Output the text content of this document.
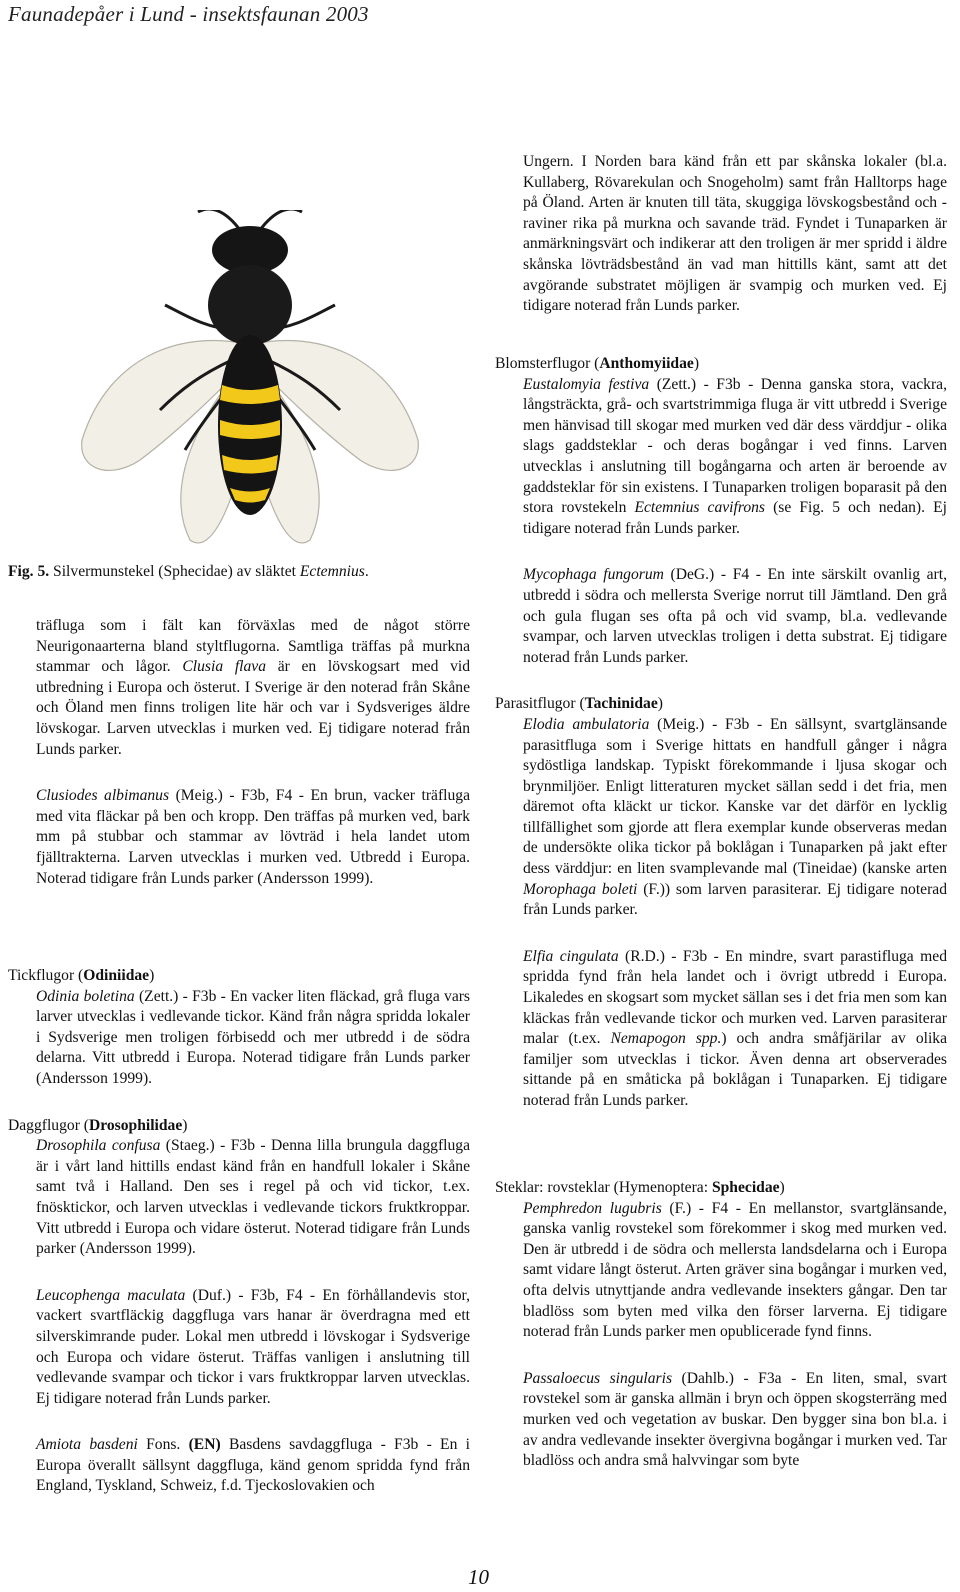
Faunadepåer i Lund - insektsfaunan 2003
Fig. 5. Silvermunstekel (Sphecidae) av släktet Ectemnius.

träfluga som i fält kan förväxlas med de något större Neurigonaarterna bland styltflugorna. Samtliga träffas på murkna stammar och lågor. Clusia flava är en lövskogsart med vid utbredning i Europa och österut. I Sverige är den noterad från Skåne och Öland men finns troligen lite här och var i Sydsveriges äldre lövskogar. Larven utvecklas i murken ved. Ej tidigare noterad från Lunds parker.

Clusiodes albimanus (Meig.) - F3b, F4 - En brun, vacker träfluga med vita fläckar på ben och kropp. Den träffas på murken ved, bark mm på stubbar och stammar av lövträd i hela landet utom fjälltrakterna. Larven utvecklas i murken ved. Utbredd i Europa. Noterad tidigare från Lunds parker (Andersson 1999).

Tickflugor (Odiniidae)

Odinia boletina (Zett.) - F3b - En vacker liten fläckad, grå fluga vars larver utvecklas i vedlevande tickor. Känd från några spridda lokaler i Sydsverige men troligen förbisedd och mer utbredd i de södra delarna. Vitt utbredd i Europa. Noterad tidigare från Lunds parker (Andersson 1999).

Daggflugor (Drosophilidae)

Drosophila confusa (Staeg.) - F3b - Denna lilla brungula daggfluga är i vårt land hittills endast känd från en handfull lokaler i Skåne samt två i Halland. Den ses i regel på och vid tickor, t.ex. fnösktickor, och larven utvecklas i vedlevande tickors fruktkroppar. Vitt utbredd i Europa och vidare österut. Noterad tidigare från Lunds parker (Andersson 1999).

Leucophenga maculata (Duf.) - F3b, F4 - En förhållandevis stor, vackert svartfläckig daggfluga vars hanar är överdragna med ett silverskimrande puder. Lokal men utbredd i lövskogar i Sydsverige och Europa och vidare österut. Träffas vanligen i anslutning till vedlevande svampar och tickor i vars fruktkroppar larven utvecklas. Ej tidigare noterad från Lunds parker.

Amiota basdeni Fons. (EN) Basdens savdaggfluga - F3b - En i Europa överallt sällsynt daggfluga, känd genom spridda fynd från England, Tyskland, Schweiz, f.d. Tjeckoslovakien och

Ungern. I Norden bara känd från ett par skånska lokaler (bl.a. Kullaberg, Rövarekulan och Snogeholm) samt från Halltorps hage på Öland. Arten är knuten till täta, skuggiga lövskogsbestånd och -raviner rika på murkna och savande träd. Fyndet i Tunaparken är anmärkningsvärt och indikerar att den troligen är mer spridd i äldre skånska lövträdsbestånd än vad man hittills känt, samt att det avgörande substratet möjligen är svampig och murken ved. Ej tidigare noterad från Lunds parker.

Blomsterflugor (Anthomyiidae)

Eustalomyia festiva (Zett.) - F3b - Denna ganska stora, vackra, långsträckta, grå- och svartstrimmiga fluga är vitt utbredd i Sverige men hänvisad till skogar med murken ved där dess värddjur - olika slags gaddsteklar - och deras bogångar i ved finns. Larven utvecklas i anslutning till bogångarna och arten är beroende av gaddsteklar för sin existens. I Tunaparken troligen boparasit på den stora rovstekeln Ectemnius cavifrons (se Fig. 5 och nedan). Ej tidigare noterad från Lunds parker.

Mycophaga fungorum (DeG.) - F4 - En inte särskilt ovanlig art, utbredd i södra och mellersta Sverige norrut till Jämtland. Den grå och gula flugan ses ofta på och vid svamp, bl.a. vedlevande svampar, och larven utvecklas troligen i detta substrat. Ej tidigare noterad från Lunds parker.

Parasitflugor (Tachinidae)

Elodia ambulatoria (Meig.) - F3b - En sällsynt, svartglänsande parasitfluga som i Sverige hittats en handfull gånger i några sydöstliga landskap. Typiskt förekommande i ljusa skogar och brynmiljöer. Enligt litteraturen mycket sällan sedd i det fria, men däremot ofta kläckt ur tickor. Kanske var det därför en lycklig tillfällighet som gjorde att flera exemplar kunde observeras medan de undersökte olika tickor på boklågan i Tunaparken på jakt efter dess värddjur: en liten svamplevande mal (Tineidae) (kanske arten Morophaga boleti (F.)) som larven parasiterar. Ej tidigare noterad från Lunds parker.

Elfia cingulata (R.D.) - F3b - En mindre, svart parastifluga med spridda fynd från hela landet och i övrigt utbredd i Europa. Likaledes en skogsart som mycket sällan ses i det fria men som kan kläckas från vedlevande tickor och murken ved. Larven parasiterar malar (t.ex. Nemapogon spp.) och andra småfjärilar av olika familjer som utvecklas i tickor. Även denna art observerades sittande på en småticka på boklågan i Tunaparken. Ej tidigare noterad från Lunds parker.

Steklar: rovsteklar (Hymenoptera: Sphecidae)

Pemphredon lugubris (F.) - F4 - En mellanstor, svartglänsande, ganska vanlig rovstekel som förekommer i skog med murken ved. Den är utbredd i de södra och mellersta landsdelarna och i Europa samt vidare långt österut. Arten gräver sina bogångar i murken ved, ofta delvis utnyttjande andra vedlevande insekters gångar. Den tar bladlöss som byten med vilka den förser larverna. Ej tidigare noterad från Lunds parker men opublicerade fynd finns.

Passaloecus singularis (Dahlb.) - F3a - En liten, smal, svart rovstekel som är ganska allmän i bryn och öppen skogsterräng med murken ved och vegetation av buskar. Den bygger sina bon bl.a. i av andra vedlevande insekter övergivna bogångar i murken ved. Tar bladlöss och andra små halvvingar som byte

10
